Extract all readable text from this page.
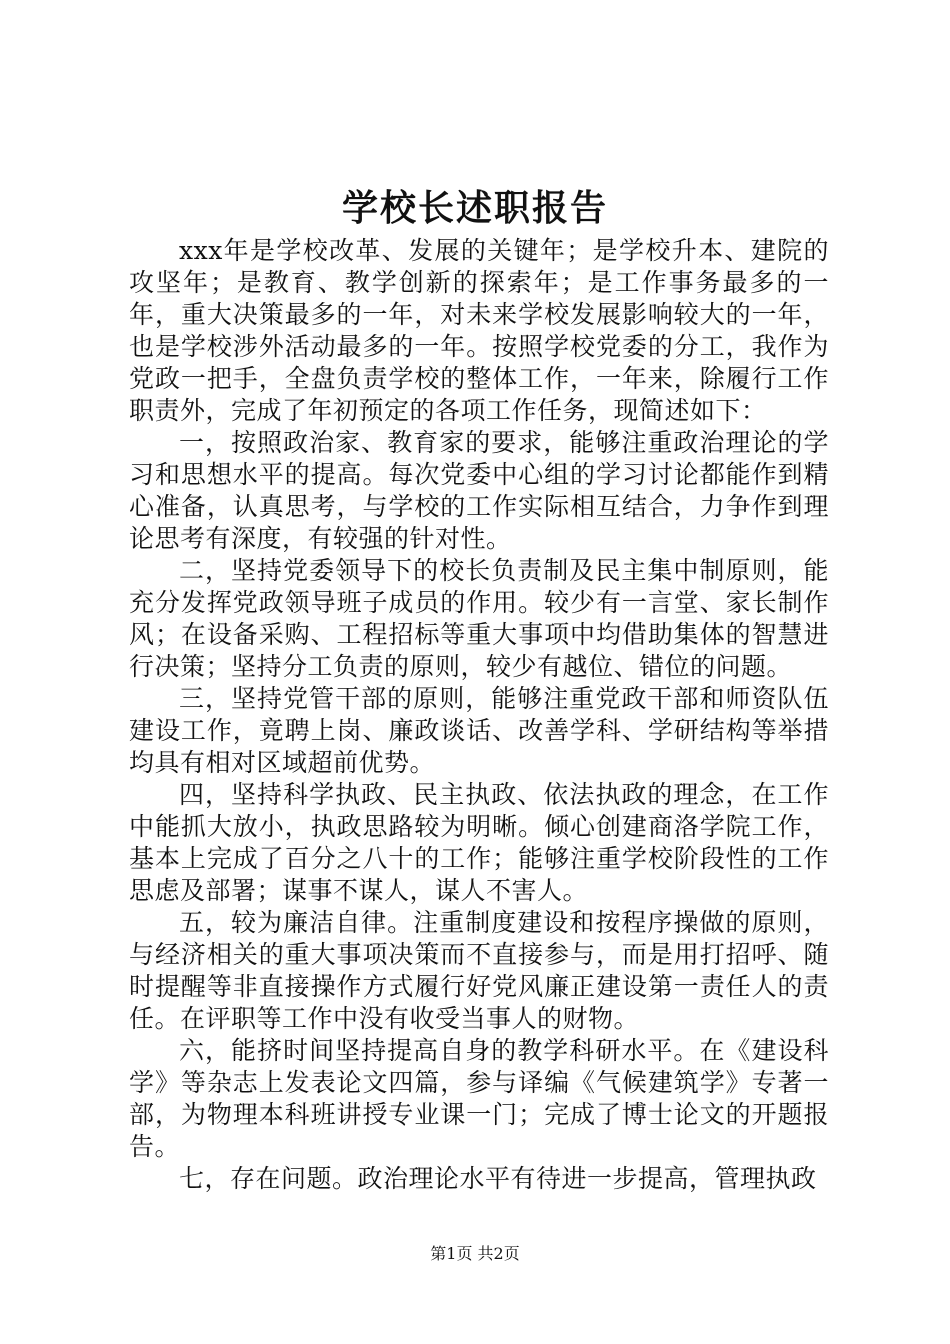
学校长述职报告

xxx年是学校改革、发展的关键年；是学校升本、建院的攻坚年；是教育、教学创新的探索年；是工作事务最多的一年，重大决策最多的一年，对未来学校发展影响较大的一年，也是学校涉外活动最多的一年。按照学校党委的分工，我作为党政一把手，全盘负责学校的整体工作，一年来，除履行工作职责外，完成了年初预定的各项工作任务，现简述如下：

一，按照政治家、教育家的要求，能够注重政治理论的学习和思想水平的提高。每次党委中心组的学习讨论都能作到精心准备，认真思考，与学校的工作实际相互结合，力争作到理论思考有深度，有较强的针对性。

二，坚持党委领导下的校长负责制及民主集中制原则，能充分发挥党政领导班子成员的作用。较少有一言堂、家长制作风；在设备采购、工程招标等重大事项中均借助集体的智慧进行决策；坚持分工负责的原则，较少有越位、错位的问题。

三，坚持党管干部的原则，能够注重党政干部和师资队伍建设工作，竟聘上岗、廉政谈话、改善学科、学研结构等举措均具有相对区域超前优势。

四，坚持科学执政、民主执政、依法执政的理念，在工作中能抓大放小，执政思路较为明晰。倾心创建商洛学院工作，基本上完成了百分之八十的工作；能够注重学校阶段性的工作思虑及部署；谋事不谋人，谋人不害人。

五，较为廉洁自律。注重制度建设和按程序操做的原则，与经济相关的重大事项决策而不直接参与，而是用打招呼、随时提醒等非直接操作方式履行好党风廉正建设第一责任人的责任。在评职等工作中没有收受当事人的财物。

六，能挤时间坚持提高自身的教学科研水平。在《建设科学》等杂志上发表论文四篇，参与译编《气候建筑学》专著一部，为物理本科班讲授专业课一门；完成了博士论文的开题报告。

七，存在问题。政治理论水平有待进一步提高，管理执政

第1页 共2页
